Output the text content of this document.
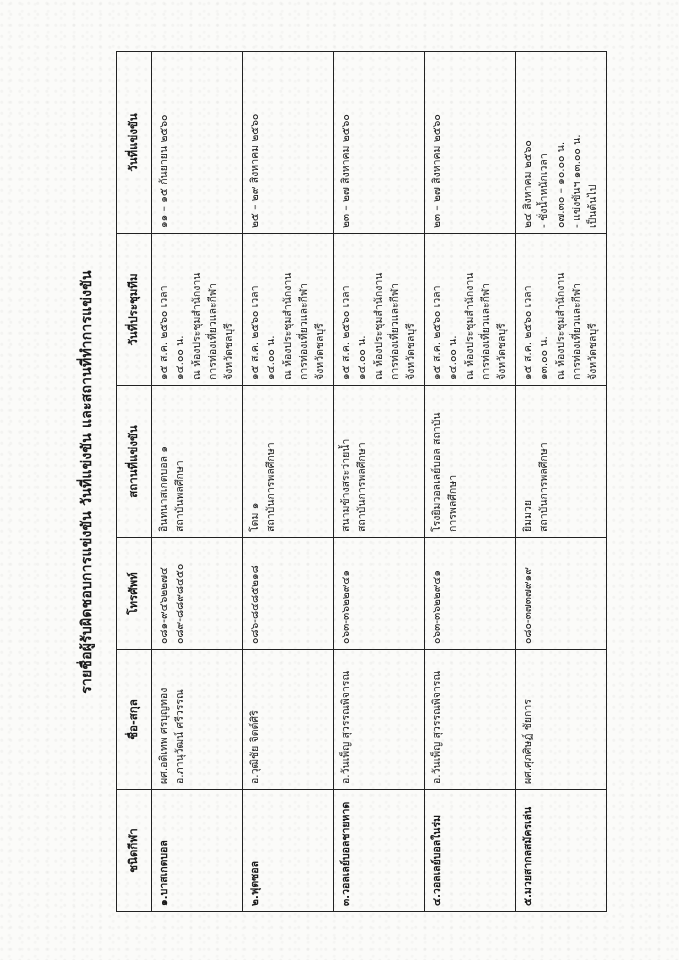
รายชื่อผู้รับผิดชอบการแข่งขัน วันที่แข่งขัน และสถานที่ทำการแข่งขัน
ชนิดกีฬา	ชื่อ-สกุล	โทรศัพท์	สถานที่แข่งขัน	วันที่ประชุมทีม	วันที่แข่งขัน
๑.บาสเกตบอล	ผศ.อดิเทพ ศรบุญทอง อ.ภานุวัฒน์ ศรีวรรณ	๐๘๑-๙๔๖๒๒๗๔ ๐๘๙-๘๘๙๘๔๕๐	อินทนาสเกตบอล ๑ สถาบันพลศึกษา	๑๕ ส.ค. ๒๕๖๐ เวลา ๑๔.๐๐ น. ณ ห้องประชุมสำนักงาน การท่องเที่ยวและกีฬา จังหวัดชลบุรี	๑๑ – ๑๕ กันยายน ๒๕๖๐

๒.ฟุตซอล	อ.วุฒิชัย จิตต์ศิริ	๐๘๖-๘๔๘๕๒๑๘	โดม ๑ สถาบันการพลศึกษา	๑๕ ส.ค. ๒๕๖๐ เวลา ๑๔.๐๐ น. ณ ห้องประชุมสำนักงาน การท่องเที่ยวและกีฬา จังหวัดชลบุรี	๒๕ – ๒๙ สิงหาคม ๒๕๖๐

๓.วอลเลย์บอลชายหาด	อ.วันเพ็ญ สุวรรณพิจารณ	๐๖๓-๓๖๒๒๙๔๑	สนามข้างสระว่ายน้ำ สถาบันการพลศึกษา	๑๕ ส.ค. ๒๕๖๐ เวลา ๑๔.๐๐ น. ณ ห้องประชุมสำนักงาน การท่องเที่ยวและกีฬา จังหวัดชลบุรี	๒๓ – ๒๗ สิงหาคม ๒๕๖๐

๔.วอลเลย์บอลในร่ม	อ.วันเพ็ญ สุวรรณพิจารณ	๐๖๓-๓๖๒๒๙๔๑	โรงยิมวอลเลย์บอล สถาบัน การพลศึกษา	๑๕ ส.ค. ๒๕๖๐ เวลา ๑๔.๐๐ น. ณ ห้องประชุมสำนักงาน การท่องเที่ยวและกีฬา จังหวัดชลบุรี	๒๓ – ๒๗ สิงหาคม ๒๕๖๐

๕.มวยสากลสมัครเล่น	ผศ.ศุภศิษฏ์ ชัยการ	๐๘๐-๓๗๓๗๙๑๙	ยิมมวย สถาบันการพลศึกษา	๑๕ ส.ค. ๒๕๖๐ เวลา ๑๓.๐๐ น. ณ ห้องประชุมสำนักงาน การท่องเที่ยวและกีฬา จังหวัดชลบุรี	๒๔ สิงหาคม ๒๕๖๐ - ชั่งน้ำหนักเวลา ๐๗.๓๐ – ๑๐.๐๐ น. - แข่งขันฯ ๑๓.๐๐ น. เป็นต้นไป
